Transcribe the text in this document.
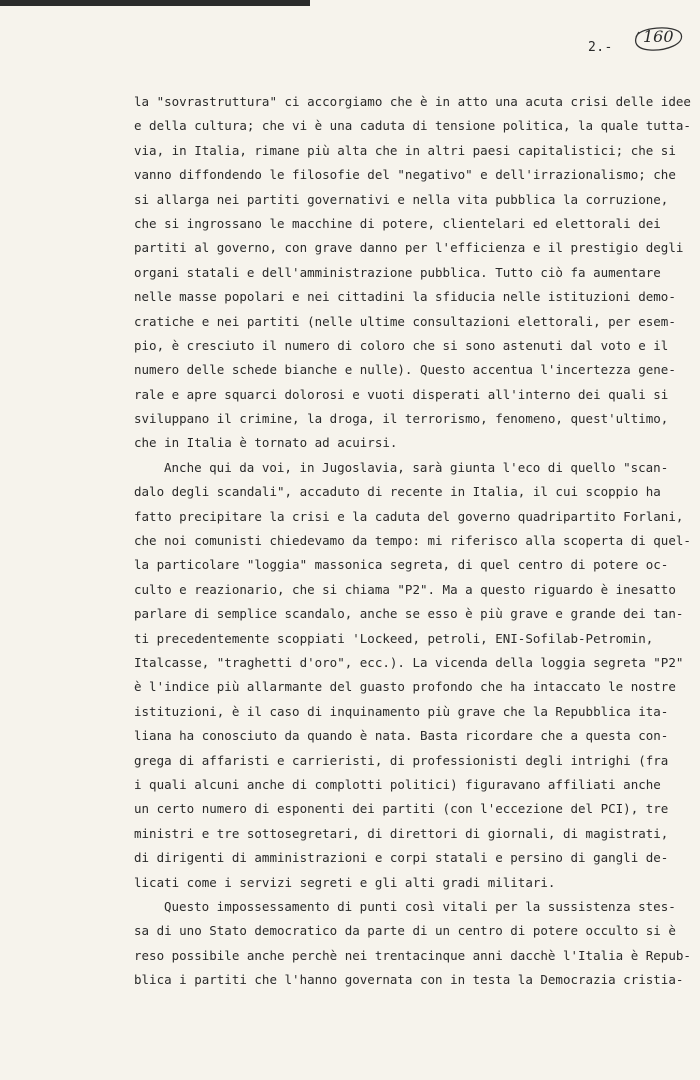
2.-
160
la "sovrastruttura" ci accorgiamo che è in atto una acuta crisi delle idee
e della cultura; che vi è una caduta di tensione politica, la quale tutta-
via, in Italia, rimane più alta che in altri paesi capitalistici; che si
vanno diffondendo le filosofie del "negativo" e dell'irrazionalismo; che
si allarga nei partiti governativi e nella vita pubblica la corruzione,
che si ingrossano le macchine di potere, clientelari ed elettorali dei
partiti al governo, con grave danno per l'efficienza e il prestigio degli
organi statali e dell'amministrazione pubblica. Tutto ciò fa aumentare
nelle masse popolari e nei cittadini la sfiducia nelle istituzioni demo-
cratiche e nei partiti (nelle ultime consultazioni elettorali, per esem-
pio, è cresciuto il numero di coloro che si sono astenuti dal voto e il
numero delle schede bianche e nulle). Questo accentua l'incertezza gene-
rale e apre squarci dolorosi e vuoti disperati all'interno dei quali si
sviluppano il crimine, la droga, il terrorismo, fenomeno, quest'ultimo,
che in Italia è tornato ad acuirsi.
Anche qui da voi, in Jugoslavia, sarà giunta l'eco di quello "scan-
dalo degli scandali", accaduto di recente in Italia, il cui scoppio ha
fatto precipitare la crisi e la caduta del governo quadripartito Forlani,
che noi comunisti chiedevamo da tempo: mi riferisco alla scoperta di quel-
la particolare "loggia" massonica segreta, di quel centro di potere oc-
culto e reazionario, che si chiama "P2". Ma a questo riguardo è inesatto
parlare di semplice scandalo, anche se esso è più grave e grande dei tan-
ti precedentemente scoppiati 'Lockeed, petroli, ENI-Sofilab-Petromin,
Italcasse, "traghetti d'oro", ecc.). La vicenda della loggia segreta "P2"
è l'indice più allarmante del guasto profondo che ha intaccato le nostre
istituzioni, è il caso di inquinamento più grave che la Repubblica ita-
liana ha conosciuto da quando è nata. Basta ricordare che a questa con-
grega di affaristi e carrieristi, di professionisti degli intrighi (fra
i quali alcuni anche di complotti politici) figuravano affiliati anche
un certo numero di esponenti dei partiti (con l'eccezione del PCI), tre
ministri e tre sottosegretari, di direttori di giornali, di magistrati,
di dirigenti di amministrazioni e corpi statali e persino di gangli de-
licati come i servizi segreti e gli alti gradi militari.
Questo impossessamento di punti così vitali per la sussistenza stes-
sa di uno Stato democratico da parte di un centro di potere occulto si è
reso possibile anche perchè nei trentacinque anni dacchè l'Italia è Repub-
blica i partiti che l'hanno governata con in testa la Democrazia cristia-
